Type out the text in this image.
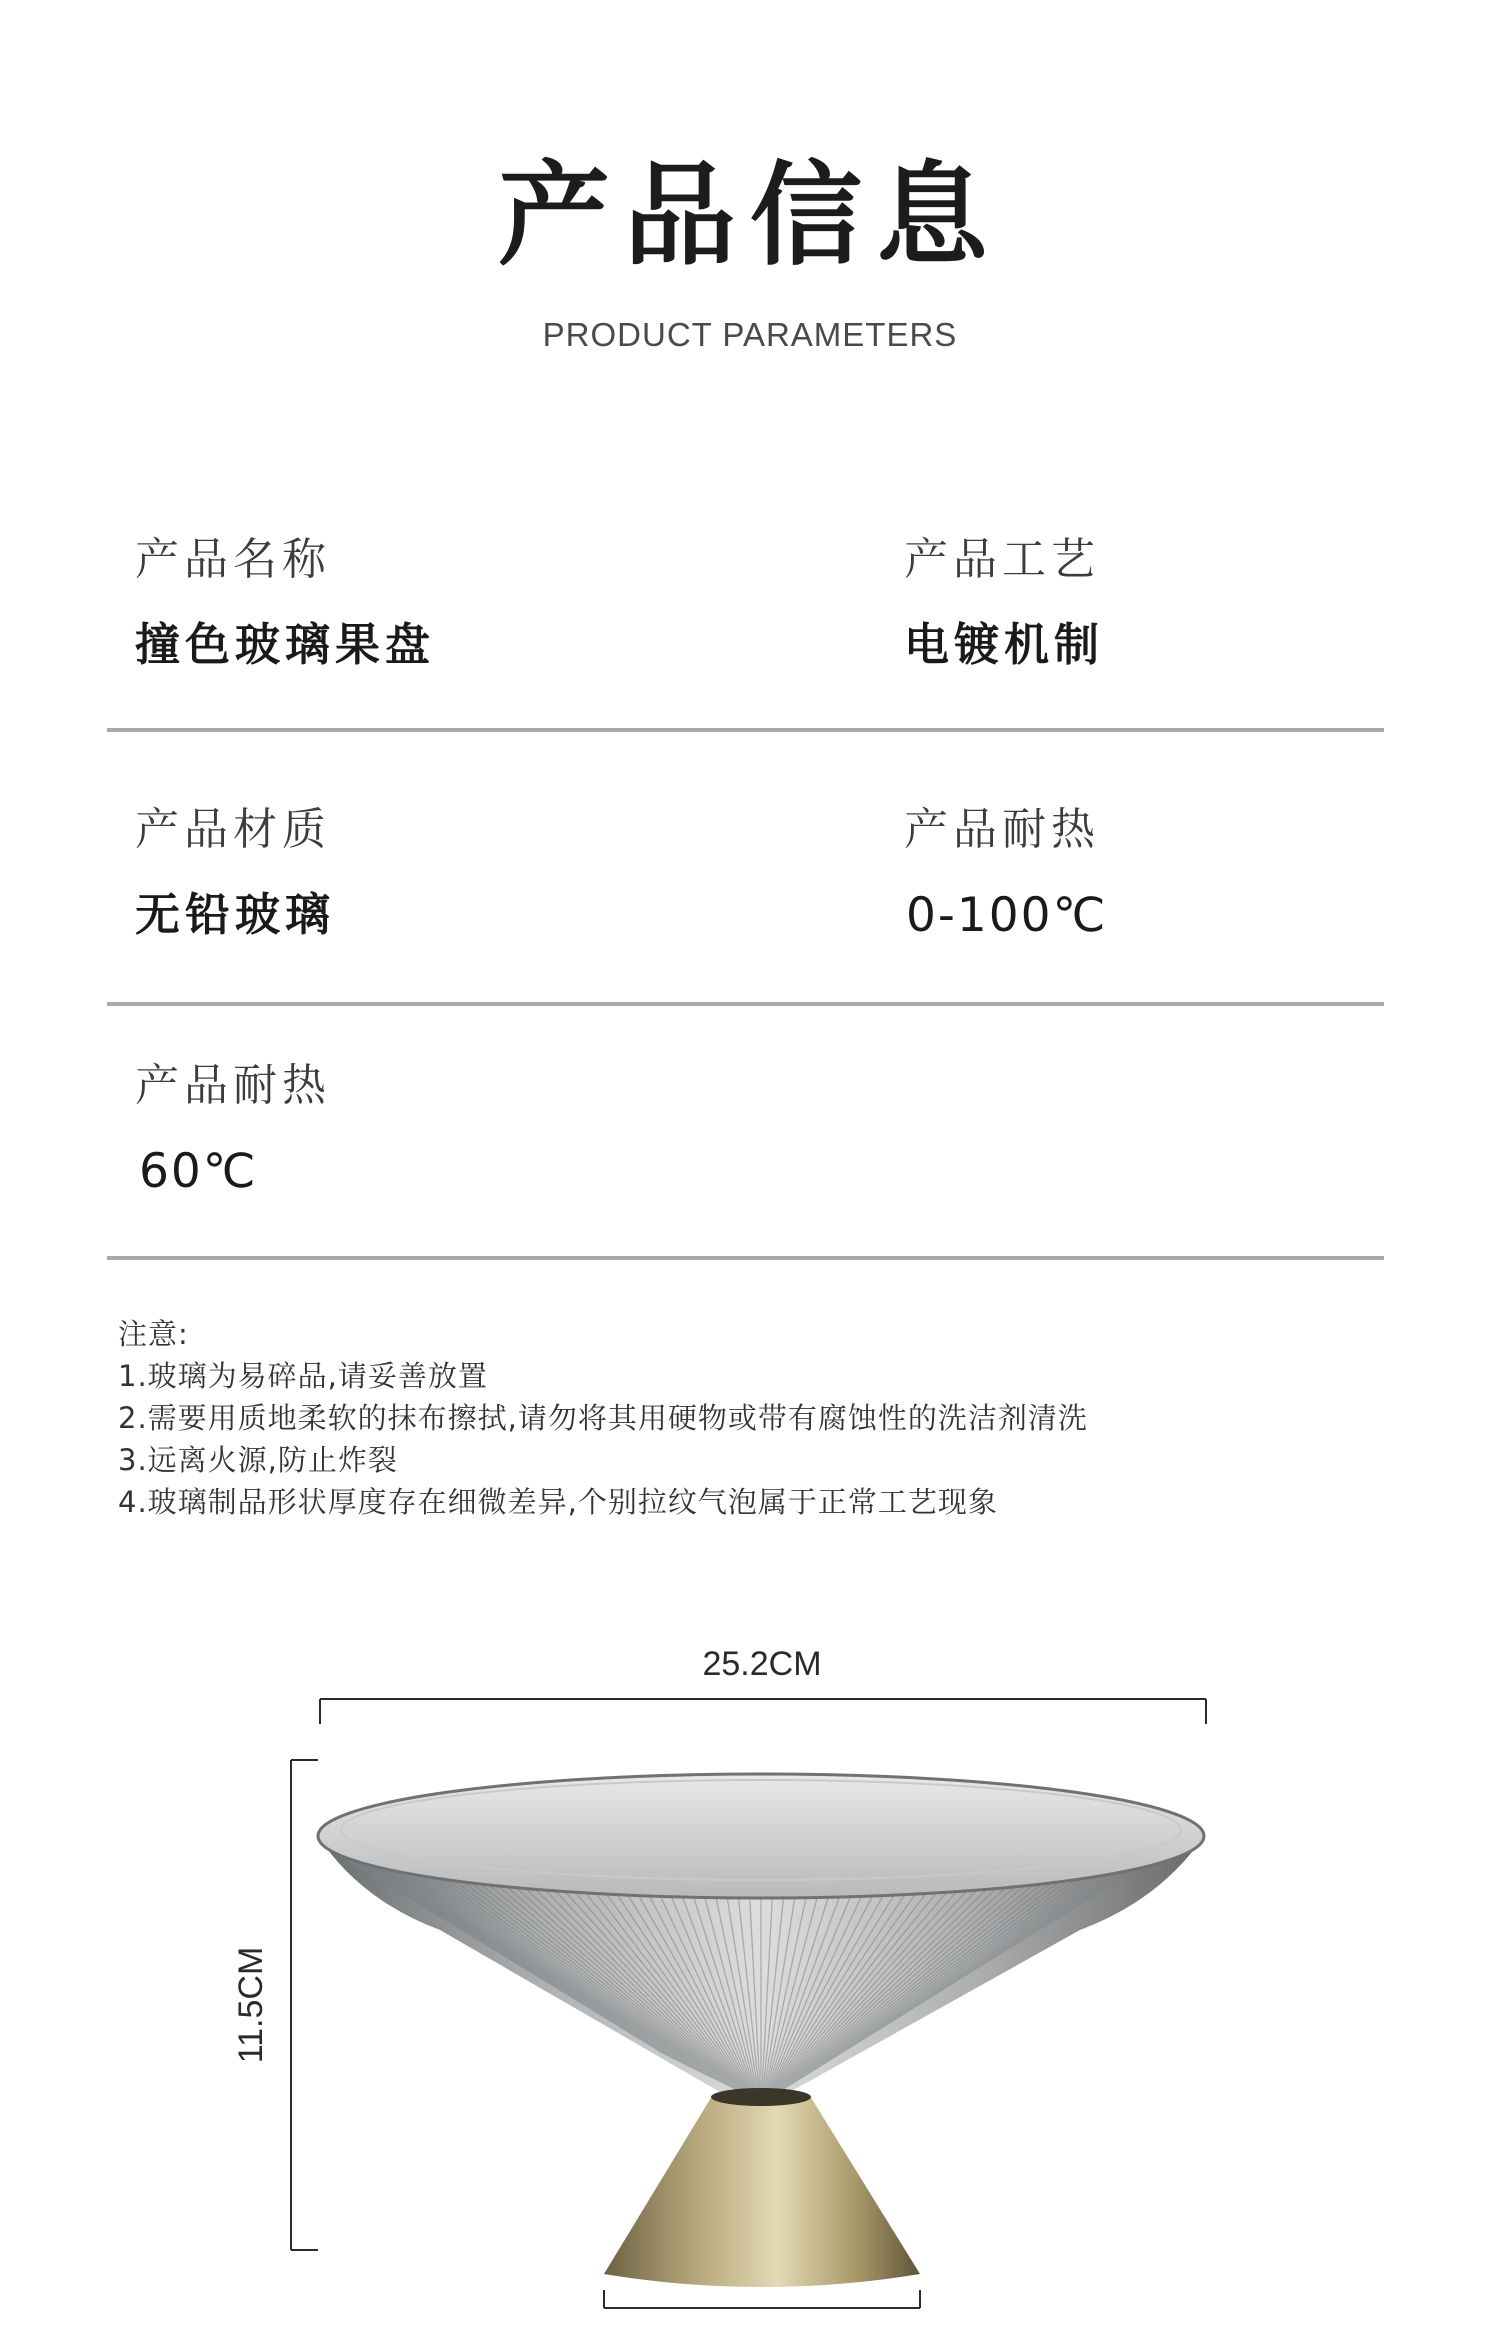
产品信息
PRODUCT PARAMETERS
产品名称
撞色玻璃果盘
产品工艺
电镀机制
产品材质
无铅玻璃
产品耐热
0-100℃
产品耐热
60℃
注意:
1.玻璃为易碎品,请妥善放置
2.需要用质地柔软的抹布擦拭,请勿将其用硬物或带有腐蚀性的洗洁剂清洗
3.远离火源,防止炸裂
4.玻璃制品形状厚度存在细微差异,个别拉纹气泡属于正常工艺现象
25.2CM
11.5CM
